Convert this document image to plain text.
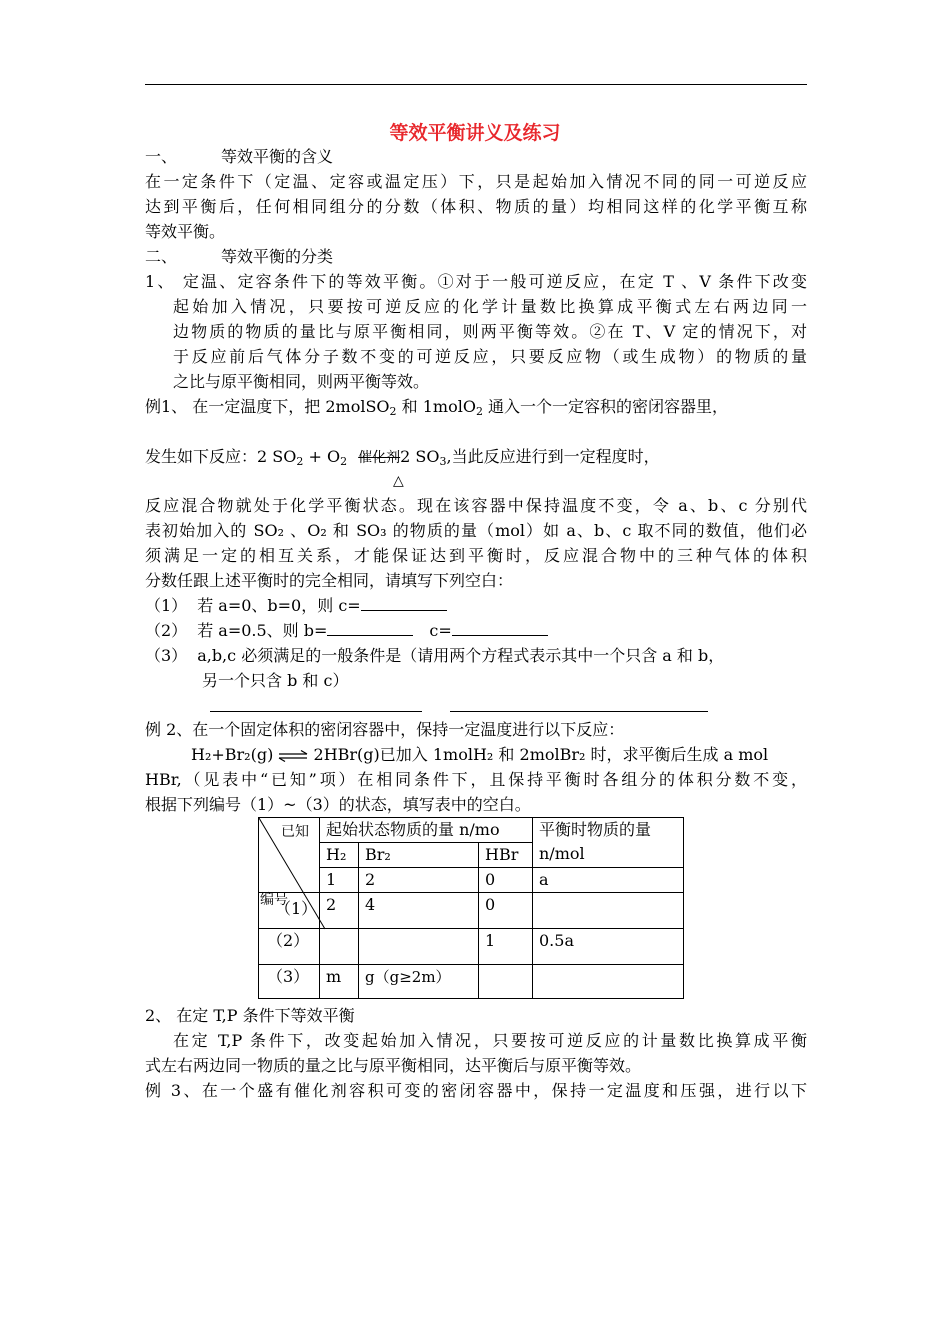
等效平衡讲义及练习
一、	等效平衡的含义
在一定条件下（定温、定容或温定压）下，只是起始加入情况不同的同一可逆反应
达到平衡后，任何相同组分的分数（体积、物质的量）均相同这样的化学平衡互称
等效平衡。
二、	等效平衡的分类
1、 定温、定容条件下的等效平衡。①对于一般可逆反应，在定 T 、V 条件下改变
起始加入情况，只要按可逆反应的化学计量数比换算成平衡式左右两边同一
边物质的物质的量比与原平衡相同，则两平衡等效。②在 T、V 定的情况下，对
于反应前后气体分子数不变的可逆反应，只要反应物（或生成物）的物质的量
之比与原平衡相同，则两平衡等效。
例1、 在一定温度下，把 2molSO$_2$ 和 1molO$_2$ 通入一个一定容积的密闭容器里，
发生如下反应：2 $SO_2 + O_2$ 催化剂2 $SO_3$,当此反应进行到一定程度时，
△
反应混合物就处于化学平衡状态。现在该容器中保持温度不变，令 a、b、c 分别代
表初始加入的 SO₂ 、O₂ 和 SO₃ 的物质的量（mol）如 a、b、c 取不同的数值，他们必
须满足一定的相互关系，才能保证达到平衡时，反应混合物中的三种气体的体积
分数任跟上述平衡时的完全相同，请填写下列空白：
（1） 若 a=0、b=0，则 c=
（2） 若 a=0.5、则 b=	c=
（3） a,b,c 必须满足的一般条件是（请用两个方程式表示其中一个只含 a 和 b，
另一个只含 b 和 c）
例 2、在一个固定体积的密闭容器中，保持一定温度进行以下反应：
H₂+Br₂(g) ⇌ 2HBr(g)已加入 1molH₂ 和 2molBr₂ 时，求平衡后生成 a mol
HBr,（见表中“已知”项）在相同条件下，且保持平衡时各组分的体积分数不变，
根据下列编号（1）~（3）的状态，填写表中的空白。
已知
编号	起始状态物质的量 n/mo			平衡时物质的量 n/mol
	H₂	Br₂	HBr	
	1	2	0	a
（1）	2	4	0	
（2）			1	0.5a
（3）	m	g（g≥2m）		
2、 在定 T,P 条件下等效平衡
在定 T,P 条件下，改变起始加入情况，只要按可逆反应的计量数比换算成平衡
式左右两边同一物质的量之比与原平衡相同，达平衡后与原平衡等效。
例 3、在一个盛有催化剂容积可变的密闭容器中，保持一定温度和压强，进行以下
